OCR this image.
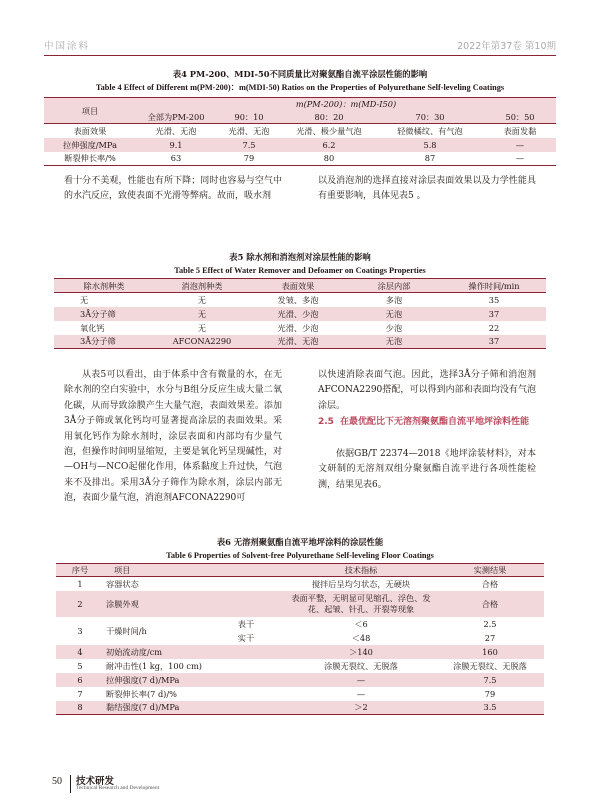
中国涂料	2022年第37卷 第10期
表4 PM-200、MDI-50不同质量比对聚氨酯自流平涂层性能的影响
Table 4 Effect of Different m(PM-200)：m(MDI-50) Ratios on the Properties of Polyurethane Self-leveling Coatings
项目	m(PM-200)：m(MD-I50)				
	全部为PM-200	90：10	80：20	70：30	50：50
表面效果	光滑、无泡	光滑、无泡	光滑、极少量气泡	轻微橘纹、有气泡	表面发黏
拉伸强度/MPa	9.1	7.5	6.2	5.8	—
断裂伸长率/%	63	79	80	87	—

看十分不美观，性能也有所下降；同时也容易与空气中的水汽反应，致使表面不光滑等弊病。故而，吸水剂

以及消泡剂的选择直接对涂层表面效果以及力学性能具有重要影响，具体见表5 。

表5 除水剂和消泡剂对涂层性能的影响
Table 5 Effect of Water Remover and Defoamer on Coatings Properties
除水剂种类	消泡剂种类	表面效果	涂层内部	操作时间/min
无	无	发皱、多泡	多泡	35
3Å分子筛	无	光滑、少泡	无泡	37
氧化钙	无	光滑、少泡	少泡	22
3Å分子筛	AFCONA2290	光滑、无泡	无泡	37

从表5可以看出，由于体系中含有微量的水，在无除水剂的空白实验中，水分与B组分反应生成大量二氧化碳，从而导致涂膜产生大量气泡，表面效果差。添加3Å分子筛或氧化钙均可显著提高涂层的表面效果。采用氧化钙作为除水剂时，涂层表面和内部均有少量气泡，但操作时间明显缩短，主要是氧化钙呈现碱性，对—OH与—NCO起催化作用，体系黏度上升过快，气泡来不及排出。采用3Å分子筛作为除水剂，涂层内部无泡，表面少量气泡，消泡剂AFCONA2290可

以快速消除表面气泡。因此，选择3Å分子筛和消泡剂AFCONA2290搭配，可以得到内部和表面均没有气泡涂层。

2.5 在最优配比下无溶剂聚氨酯自流平地坪涂料性能

依据GB/T 22374—2018《地坪涂装材料》，对本文研制的无溶剂双组分聚氨酯自流平进行各项性能检测，结果见表6。

表6 无溶剂聚氨酯自流平地坪涂料的涂层性能
Table 6 Properties of Solvent-free Polyurethane Self-leveling Floor Coatings
序号	项目		技术指标	实测结果
1	容器状态		搅拌后呈均匀状态，无硬块	合格
2	涂膜外观		表面平整，无明显可见缩孔、浮色、发花、起皱、针孔、开裂等现象	合格
3	干燥时间/h	表干	＜6	2.5
		实干	＜48	27
4	初始流动度/cm		＞140	160
5	耐冲击性(1 kg，100 cm)		涂膜无裂纹、无脱落	涂膜无裂纹、无脱落
6	拉伸强度(7 d)/MPa		—	7.5
7	断裂伸长率(7 d)/%		—	79
8	黏结强度(7 d)/MPa		＞2	3.5
50 技术研发
Technical Research and Development
